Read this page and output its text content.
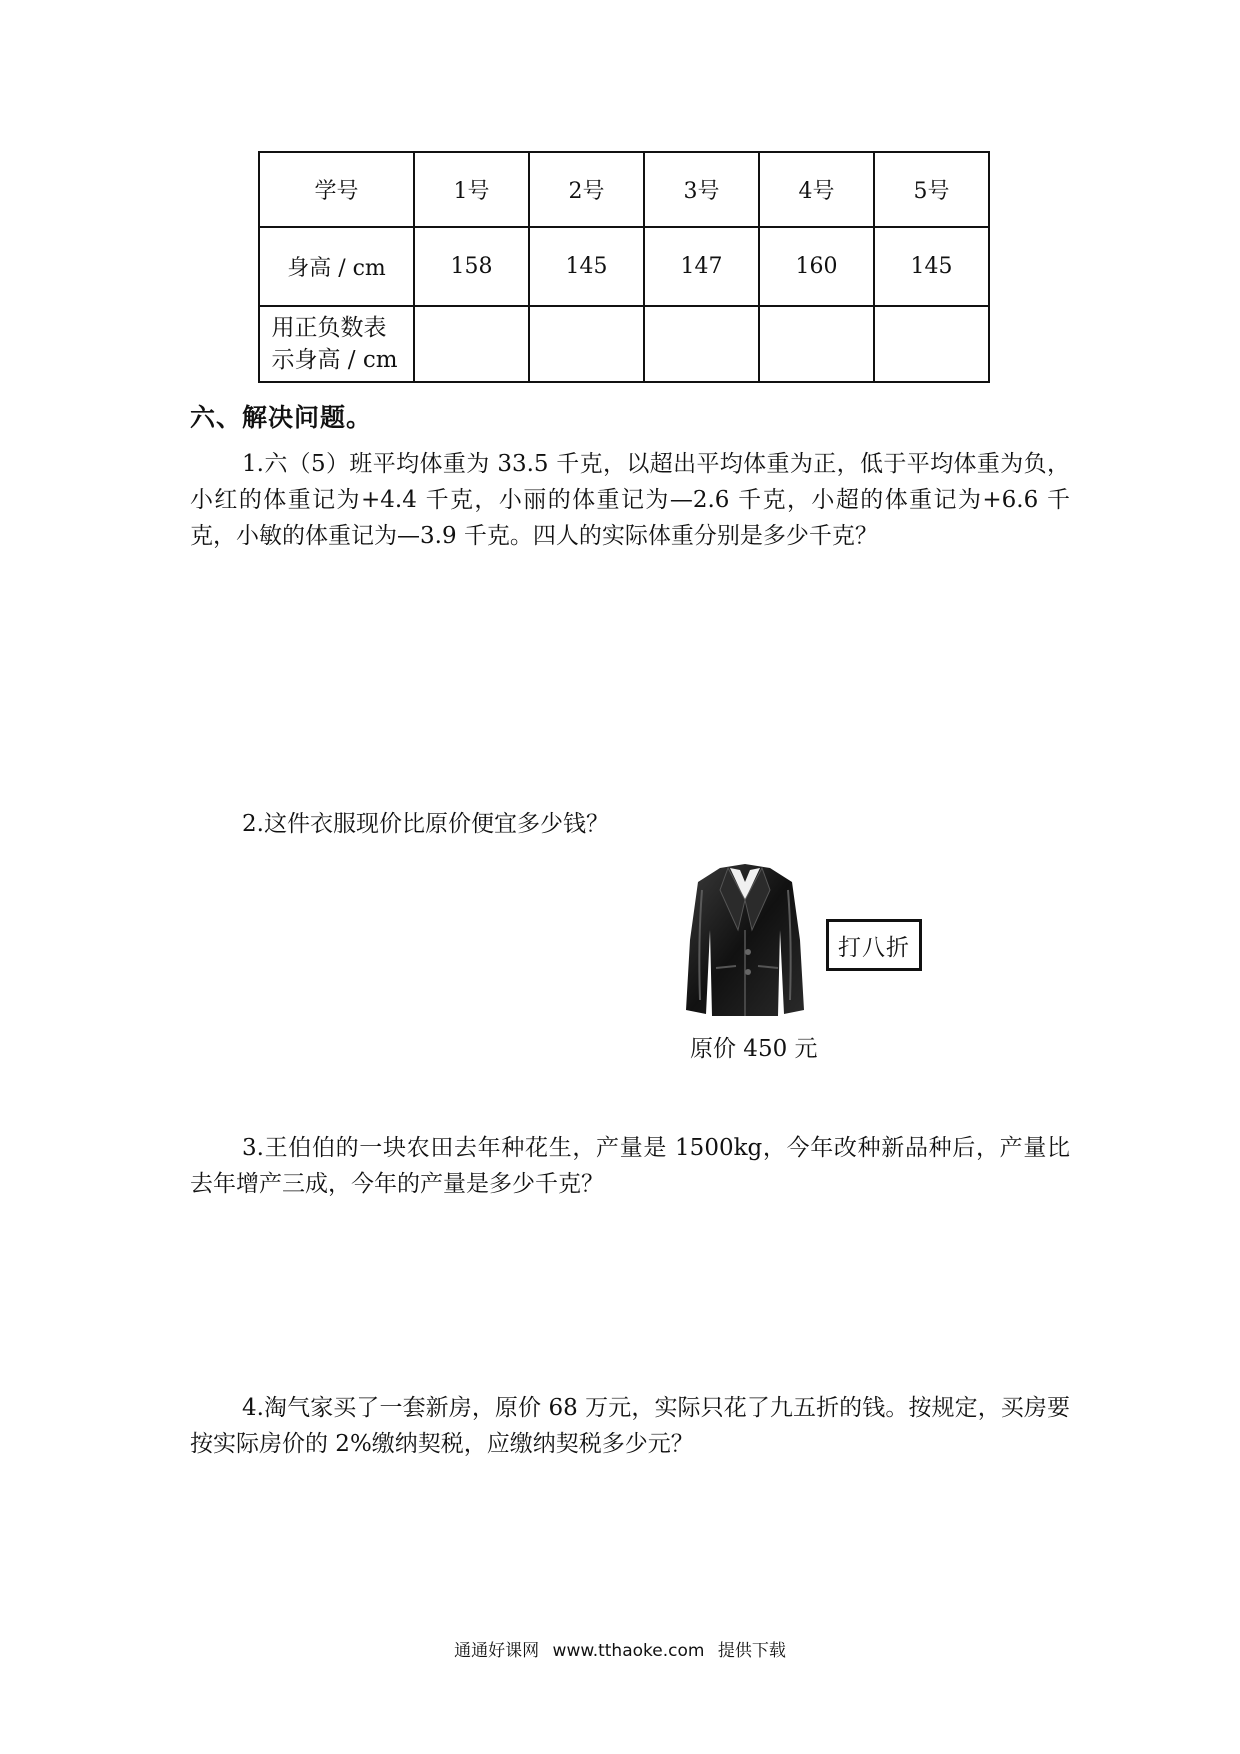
学号	1号	2号	3号	4号	5号
身高 / cm	158	145	147	160	145
用正负数表
示身高 / cm					
六、解决问题。
1.六（5）班平均体重为 33.5 千克，以超出平均体重为正，低于平均体重为负，小红的体重记为+4.4 千克，小丽的体重记为—2.6 千克，小超的体重记为+6.6 千克，小敏的体重记为—3.9 千克。四人的实际体重分别是多少千克？
2.这件衣服现价比原价便宜多少钱？
原价 450 元
打八折
3.王伯伯的一块农田去年种花生，产量是 1500kg，今年改种新品种后，产量比去年增产三成，今年的产量是多少千克？
4.淘气家买了一套新房，原价 68 万元，实际只花了九五折的钱。按规定，买房要按实际房价的 2%缴纳契税，应缴纳契税多少元？
通通好课网 www.tthaoke.com 提供下载
